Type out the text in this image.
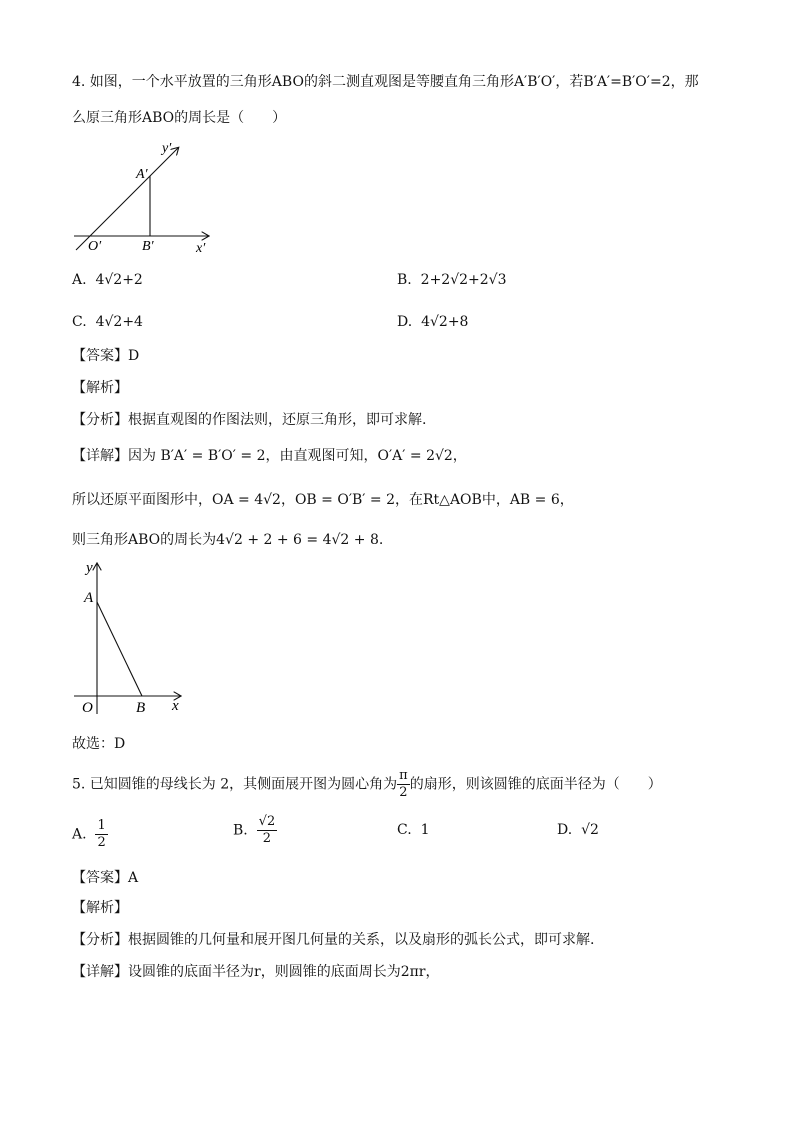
4. 如图，一个水平放置的三角形ABO的斜二测直观图是等腰直角三角形A′B′O′，若B′A′=B′O′=2，那
么原三角形ABO的周长是（　　）
y′
A′
O′	B′	x′
A. 4√2+2	B. 2+2√2+2√3
C. 4√2+4	D. 4√2+8
【答案】D
【解析】
【分析】根据直观图的作图法则，还原三角形，即可求解.
【详解】因为 B′A′ = B′O′ = 2，由直观图可知，O′A′ = 2√2，
所以还原平面图形中，OA = 4√2，OB = O′B′ = 2，在Rt△AOB中，AB = 6，
则三角形ABO的周长为4√2 + 2 + 6 = 4√2 + 8.
y
A
O	B x
故选：D
5. 已知圆锥的母线长为 2，其侧面展开图为圆心角为 $\frac{\pi}{2}$ 的扇形，则该圆锥的底面半径为（　　）
A. $\frac{1}{2}$	B. $\frac{√2}{2}$	C. 1	D. √2
【答案】A
【解析】
【分析】根据圆锥的几何量和展开图几何量的关系，以及扇形的弧长公式，即可求解.
【详解】设圆锥的底面半径为r，则圆锥的底面周长为2πr，
